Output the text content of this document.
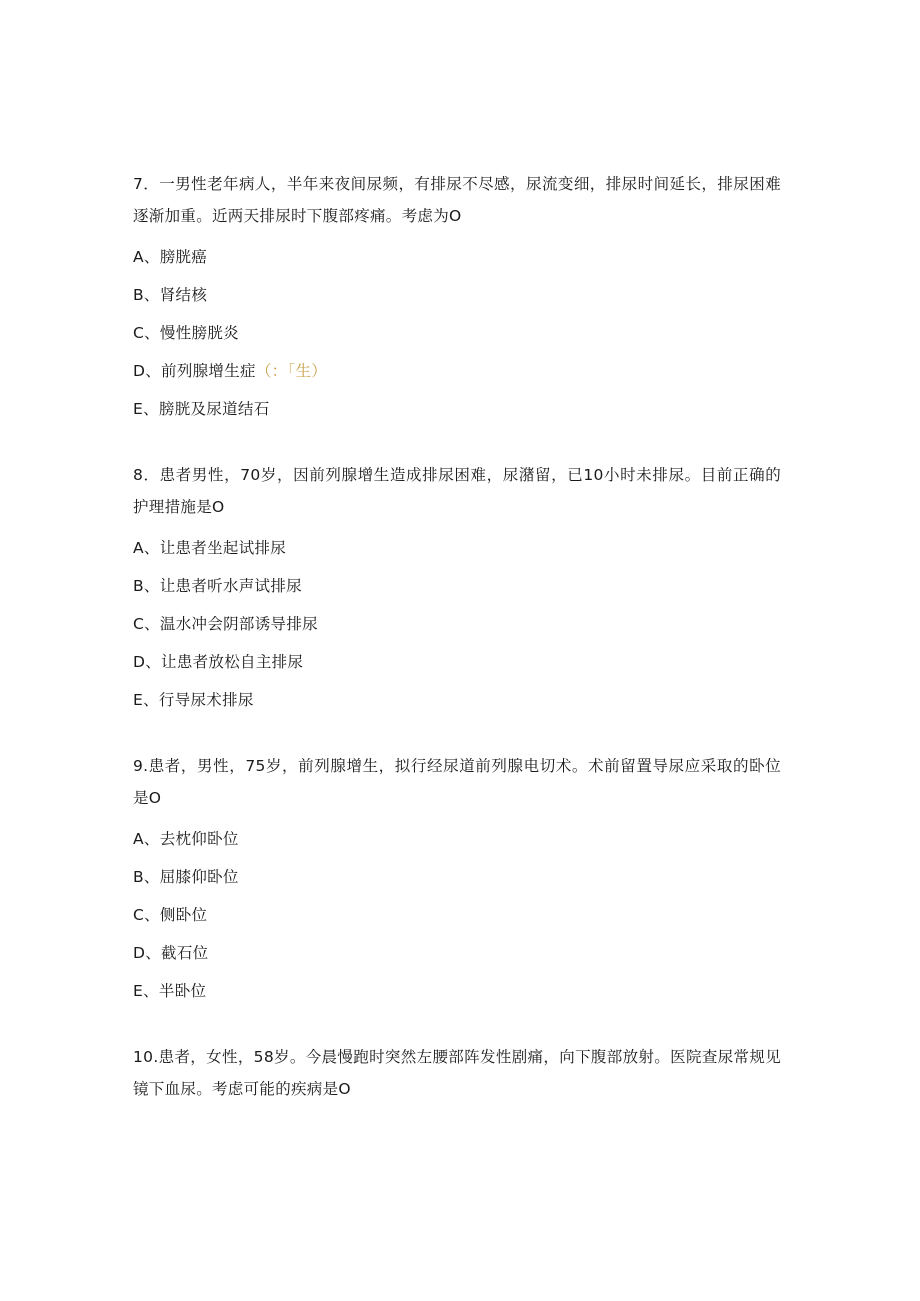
7．一男性老年病人，半年来夜间尿频，有排尿不尽感，尿流变细，排尿时间延长，排尿困难逐渐加重。近两天排尿时下腹部疼痛。考虑为O

A、膀胱癌
B、肾结核
C、慢性膀胱炎
D、前列腺增生症（：「生）
E、膀胱及尿道结石

8．患者男性，70岁，因前列腺增生造成排尿困难，尿潴留，已10小时未排尿。目前正确的护理措施是O

A、让患者坐起试排尿
B、让患者听水声试排尿
C、温水冲会阴部诱导排尿
D、让患者放松自主排尿
E、行导尿术排尿

9.患者，男性，75岁，前列腺增生，拟行经尿道前列腺电切术。术前留置导尿应采取的卧位是O

A、去枕仰卧位
B、屈膝仰卧位
C、侧卧位
D、截石位
E、半卧位

10.患者，女性，58岁。今晨慢跑时突然左腰部阵发性剧痛，向下腹部放射。医院查尿常规见镜下血尿。考虑可能的疾病是O
